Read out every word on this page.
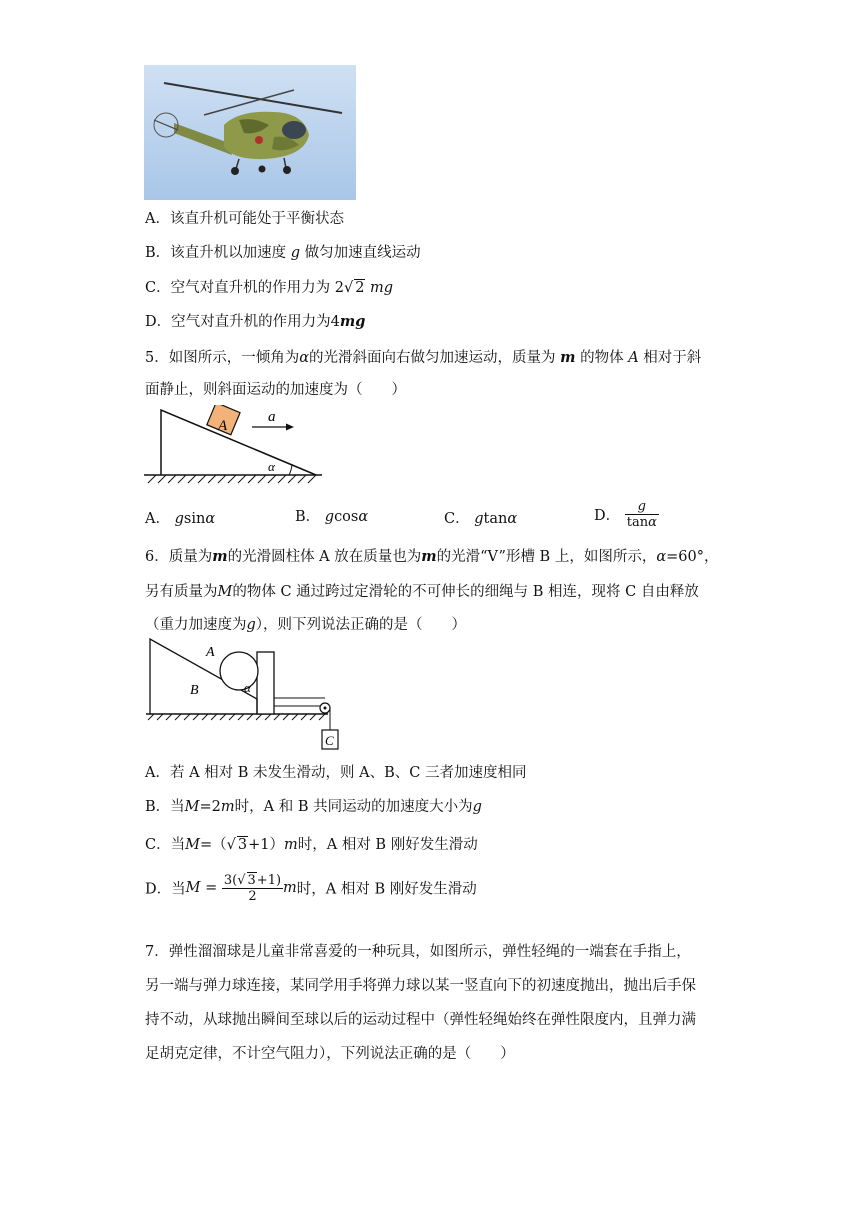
A．该直升机可能处于平衡状态
B．该直升机以加速度 g 做匀加速直线运动
C．空气对直升机的作用力为 2√ 2 mg
D．空气对直升机的作用力为4mg
5．如图所示，一倾角为α的光滑斜面向右做匀加速运动，质量为 m 的物体 A 相对于斜
面静止，则斜面运动的加速度为（　　）
A
a
α
A． gsinα	B． gcosα	C． gtanα	D． $\frac{g}{\tan\alpha}$
6．质量为m的光滑圆柱体 A 放在质量也为m的光滑“V”形槽 B 上，如图所示，α=60°，
另有质量为M的物体 C 通过跨过定滑轮的不可伸长的细绳与 B 相连，现将 C 自由释放
（重力加速度为g），则下列说法正确的是（　　）
C
A
B	α
A．若 A 相对 B 未发生滑动，则 A、B、C 三者加速度相同
B．当M=2m时，A 和 B 共同运动的加速度大小为g
C．当M=（√ 3+1）m时，A 相对 B 刚好发生滑动
D．当$M = \frac{3(√ 3+1)}{2}$ m时，A 相对 B 刚好发生滑动
7．弹性溜溜球是儿童非常喜爱的一种玩具，如图所示，弹性轻绳的一端套在手指上，
另一端与弹力球连接，某同学用手将弹力球以某一竖直向下的初速度抛出，抛出后手保
持不动，从球抛出瞬间至球以后的运动过程中（弹性轻绳始终在弹性限度内，且弹力满
足胡克定律，不计空气阻力），下列说法正确的是（　　）
